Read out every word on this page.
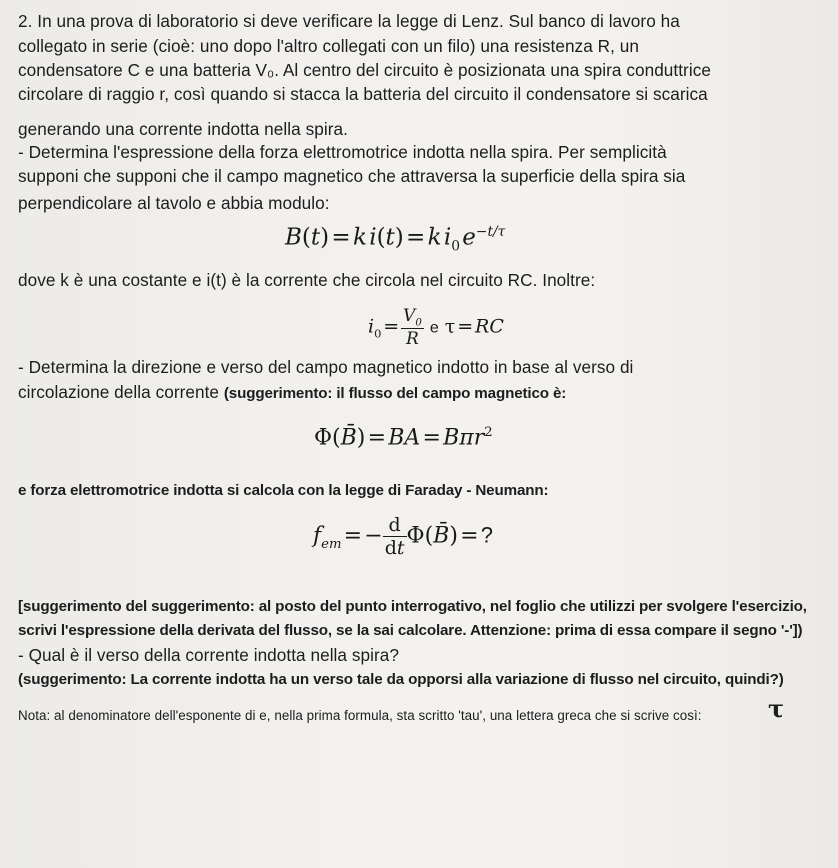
2. In una prova di laboratorio si deve verificare la legge di Lenz. Sul banco di lavoro ha
collegato in serie (cioè: uno dopo l'altro collegati con un filo) una resistenza R, un
condensatore C e una batteria V₀. Al centro del circuito è posizionata una spira conduttrice
circolare di raggio r, così quando si stacca la batteria del circuito il condensatore si scarica
generando una corrente indotta nella spira.
- Determina l'espressione della forza elettromotrice indotta nella spira. Per semplicità
supponi che supponi che il campo magnetico che attraversa la superficie della spira sia
perpendicolare al tavolo e abbia modulo:
B(t) = k i(t) = k $i_0$ $e^{-t/\tau}$
dove k è una costante e i(t) è la corrente che circola nel circuito RC. Inoltre:
$i_0$ =  $\frac{V_0}{R}$ e τ = RC
- Determina la direzione e verso del campo magnetico indotto in base al verso di
circolazione della corrente (suggerimento: il flusso del campo magnetico è:
Φ(B̄) = BA = Bπr$^2$
e forza elettromotrice indotta si calcola con la legge di Faraday - Neumann:
$f_{em}$ = − $\frac{d}{dt}$ Φ(B̄) = ?
[suggerimento del suggerimento: al posto del punto interrogativo, nel foglio che utilizzi per svolgere l'esercizio,
scrivi l'espressione della derivata del flusso, se la sai calcolare. Attenzione: prima di essa compare il segno '-'])
- Qual è il verso della corrente indotta nella spira?
(suggerimento: La corrente indotta ha un verso tale da opporsi alla variazione di flusso nel circuito, quindi?)
Nota: al denominatore dell'esponente di e, nella prima formula, sta scritto 'tau', una lettera greca che si scrive così:	τ
